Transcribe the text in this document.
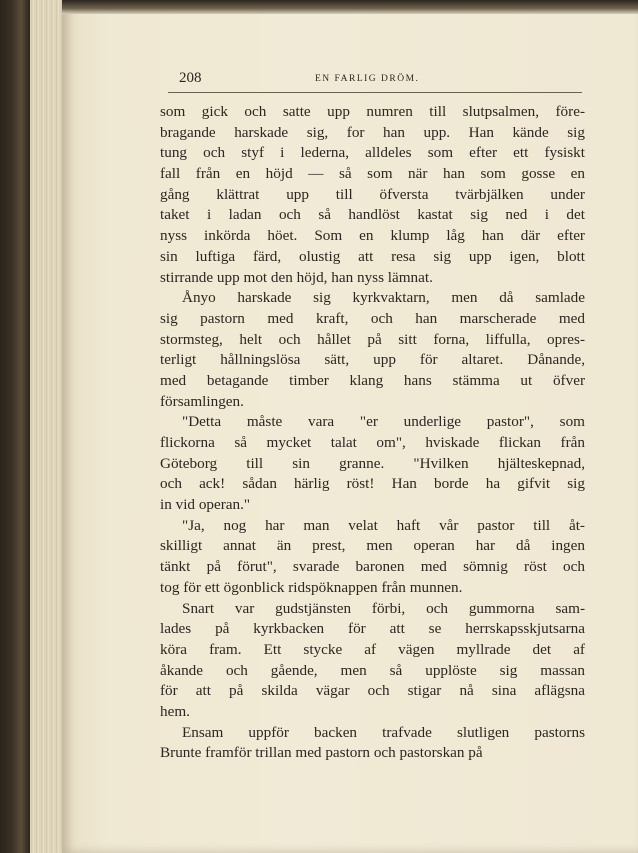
208	EN FARLIG DRÖM.
som gick och satte upp numren till slutpsalmen, före-
bragande harskade sig, for han upp. Han kände sig
tung och styf i lederna, alldeles som efter ett fysiskt
fall från en höjd — så som när han som gosse en
gång klättrat upp till öfversta tvärbjälken under
taket i ladan och så handlöst kastat sig ned i det
nyss inkörda höet. Som en klump låg han där efter
sin luftiga färd, olustig att resa sig upp igen, blott
stirrande upp mot den höjd, han nyss lämnat.
Ånyo harskade sig kyrkvaktarn, men då samlade
sig pastorn med kraft, och han marscherade med
stormsteg, helt och hållet på sitt forna, liffulla, opres-
terligt hållningslösa sätt, upp för altaret. Dånande,
med betagande timber klang hans stämma ut öfver
församlingen.
"Detta måste vara "er underlige pastor", som
flickorna så mycket talat om", hviskade flickan från
Göteborg till sin granne. "Hvilken hjälteskepnad,
och ack! sådan härlig röst! Han borde ha gifvit sig
in vid operan."
"Ja, nog har man velat haft vår pastor till åt-
skilligt annat än prest, men operan har då ingen
tänkt på förut", svarade baronen med sömnig röst och
tog för ett ögonblick ridspöknappen från munnen.
Snart var gudstjänsten förbi, och gummorna sam-
lades på kyrkbacken för att se herrskapsskjutsarna
köra fram. Ett stycke af vägen myllrade det af
åkande och gående, men så upplöste sig massan
för att på skilda vägar och stigar nå sina aflägsna
hem.
Ensam uppför backen trafvade slutligen pastorns
Brunte framför trillan med pastorn och pastorskan på
